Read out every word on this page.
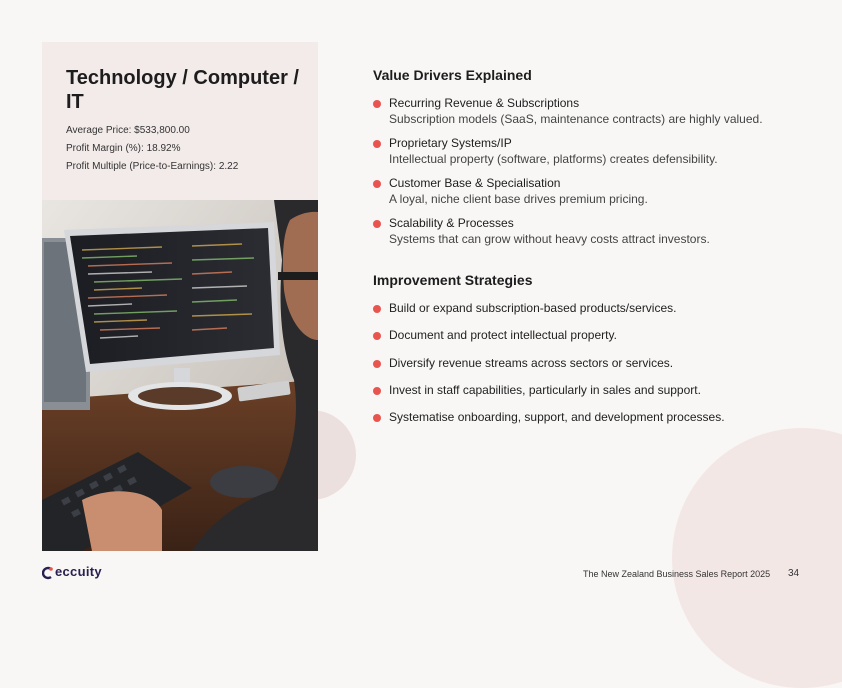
Technology / Computer / IT
Average Price: $533,800.00
Profit Margin (%): 18.92%
Profit Multiple (Price-to-Earnings): 2.22
Value Drivers Explained
Recurring Revenue & Subscriptions
Subscription models (SaaS, maintenance contracts) are highly valued.
Proprietary Systems/IP
Intellectual property (software, platforms) creates defensibility.
Customer Base & Specialisation
A loyal, niche client base drives premium pricing.
Scalability & Processes
Systems that can grow without heavy costs attract investors.
Improvement Strategies
Build or expand subscription-based products/services.
Document and protect intellectual property.
Diversify revenue streams across sectors or services.
Invest in staff capabilities, particularly in sales and support.
Systematise onboarding, support, and development processes.
eccuity	The New Zealand Business Sales Report 2025 34
